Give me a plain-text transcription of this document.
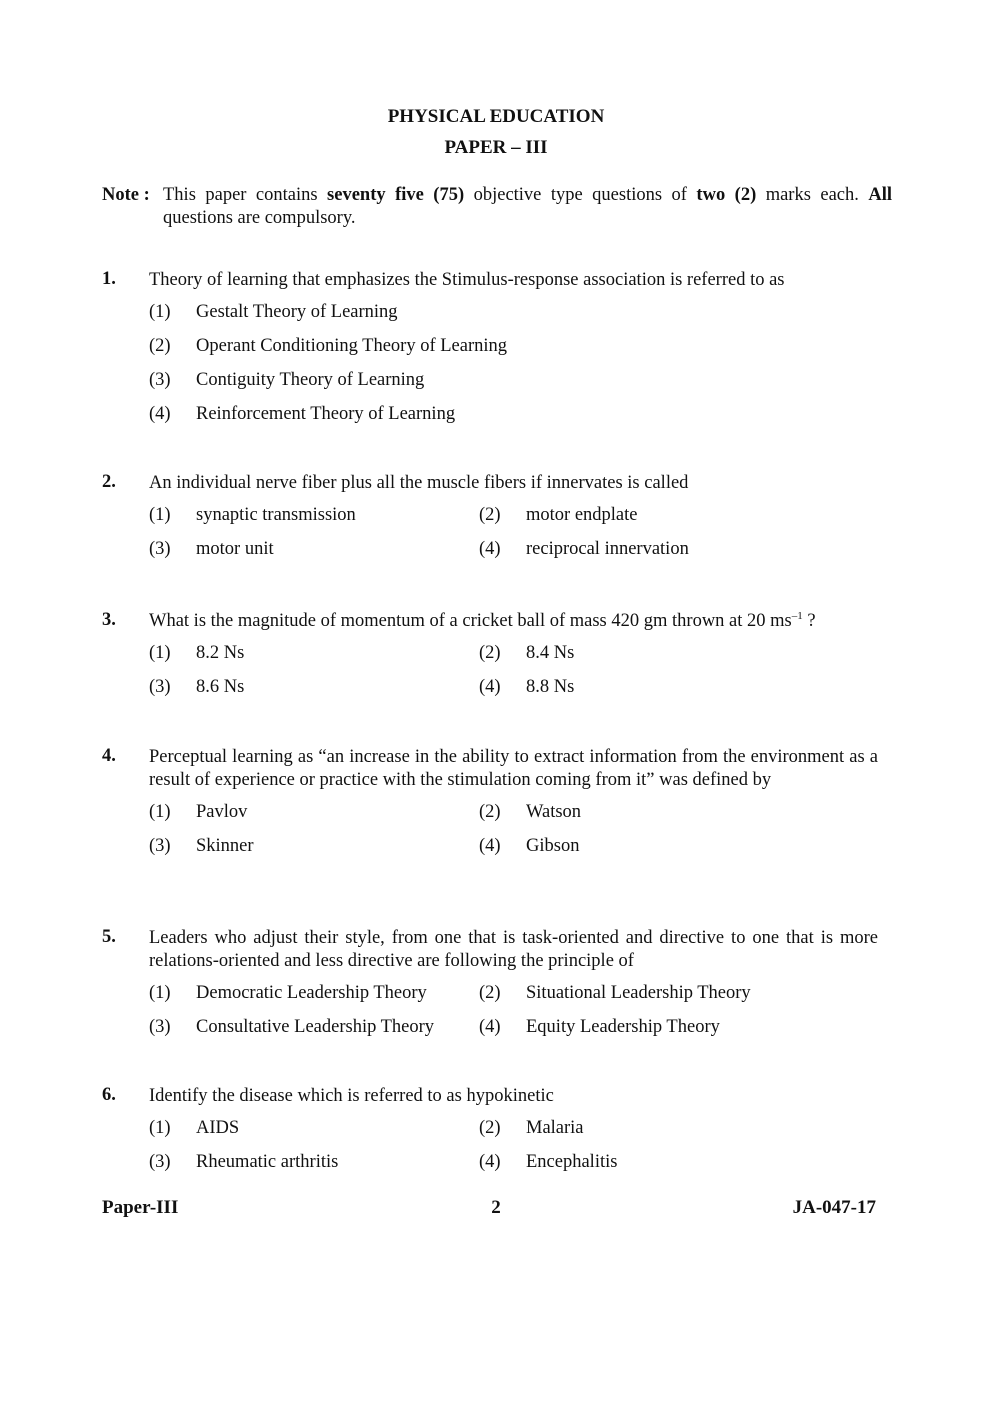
PHYSICAL EDUCATION
PAPER – III
Note : This paper contains seventy five (75) objective type questions of two (2) marks each. All questions are compulsory.
1. Theory of learning that emphasizes the Stimulus-response association is referred to as
(1)	Gestalt Theory of Learning
(2)	Operant Conditioning Theory of Learning
(3)	Contiguity Theory of Learning
(4)	Reinforcement Theory of Learning
2. An individual nerve fiber plus all the muscle fibers if innervates is called
(1)	synaptic transmission	(2)	motor endplate
(3)	motor unit	(4)	reciprocal innervation
3. What is the magnitude of momentum of a cricket ball of mass 420 gm thrown at 20 $ms^{-1}$ ?
(1)	8.2 Ns	(2)	8.4 Ns
(3)	8.6 Ns	(4)	8.8 Ns
4. Perceptual learning as “an increase in the ability to extract information from the environment as a result of experience or practice with the stimulation coming from it” was defined by
(1)	Pavlov	(2)	Watson
(3)	Skinner	(4)	Gibson
5. Leaders who adjust their style, from one that is task-oriented and directive to one that is more relations-oriented and less directive are following the principle of
(1)	Democratic Leadership Theory	(2)	Situational Leadership Theory
(3)	Consultative Leadership Theory (4)	Equity Leadership Theory
6. Identify the disease which is referred to as hypokinetic
(1)	AIDS	(2)	Malaria
(3)	Rheumatic arthritis	(4)	Encephalitis
Paper-III	2	JA-047-17
